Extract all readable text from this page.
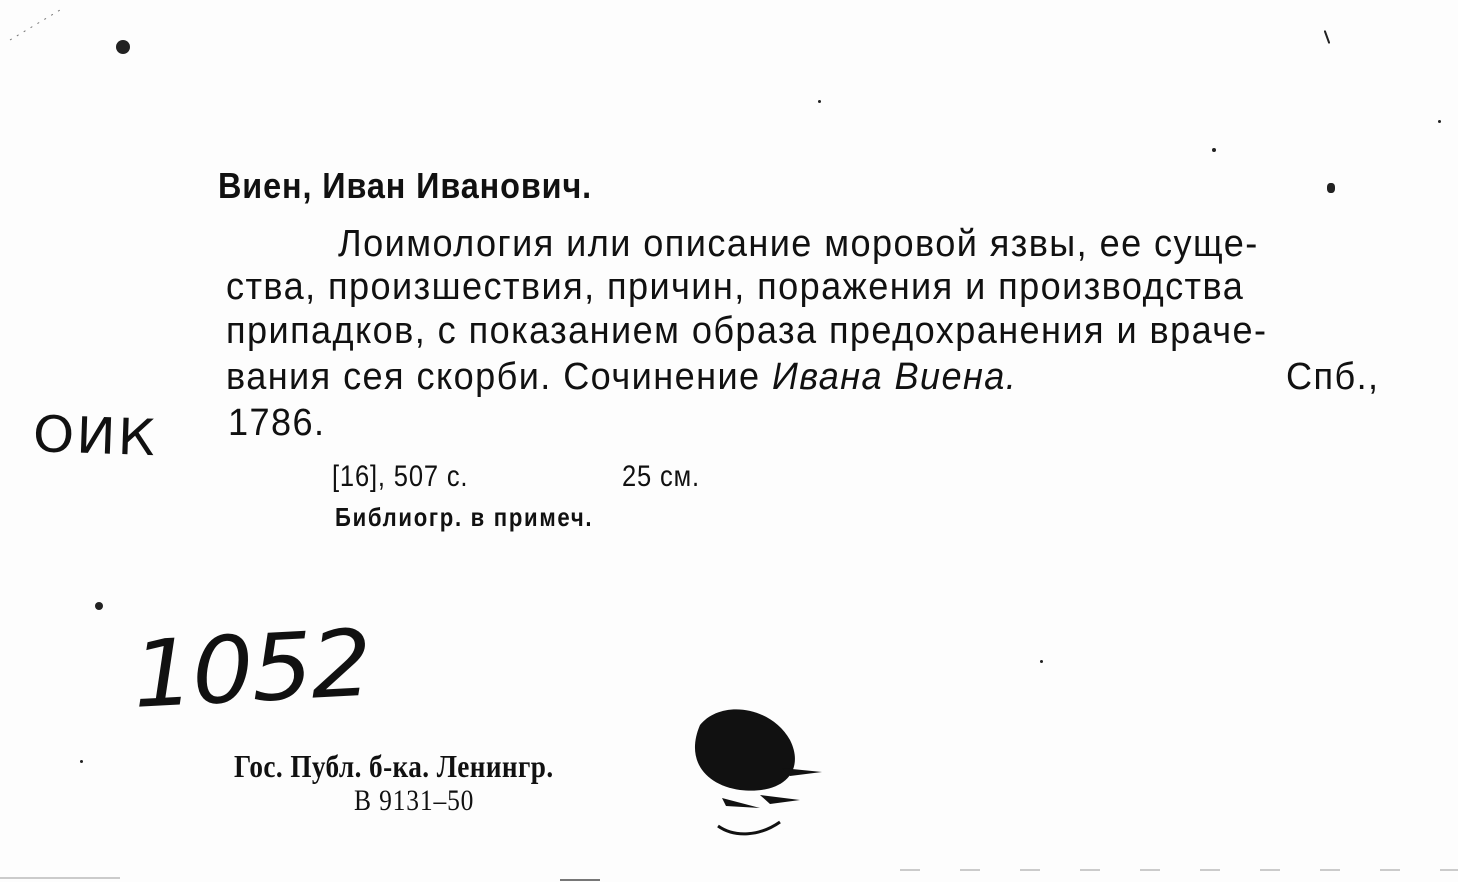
Виен, Иван Иванович.
Лоимология или описание моровой язвы, ее суще-
ства, произшествия, причин, поражения и производства
припадков, с показанием образа предохранения и враче-
вания сея скорби. Сочинение Ивана Виена.	Спб.,
1786.
[16], 507 с.	25 см.
Библиогр. в примеч.
Гос. Публ. б-ка. Ленингр.
В 9131–50
ОИК
1052
